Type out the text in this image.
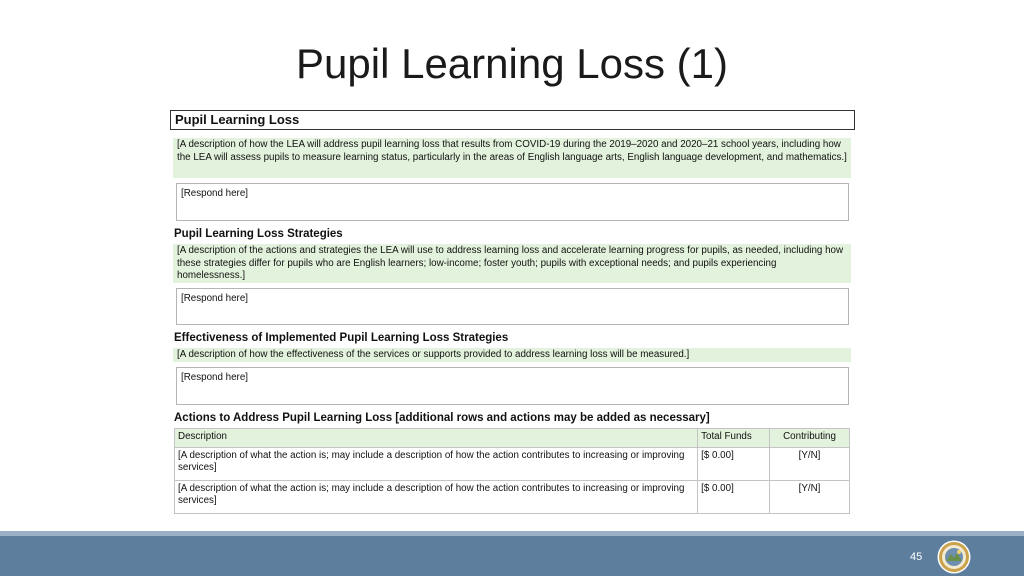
Pupil Learning Loss (1)
Pupil Learning Loss
[A description of how the LEA will address pupil learning loss that results from COVID-19 during the 2019–2020 and 2020–21 school years, including how the LEA will assess pupils to measure learning status, particularly in the areas of English language arts, English language development, and mathematics.]
[Respond here]
Pupil Learning Loss Strategies
[A description of the actions and strategies the LEA will use to address learning loss and accelerate learning progress for pupils, as needed, including how these strategies differ for pupils who are English learners; low-income; foster youth; pupils with exceptional needs; and pupils experiencing homelessness.]
[Respond here]
Effectiveness of Implemented Pupil Learning Loss Strategies
[A description of how the effectiveness of the services or supports provided to address learning loss will be measured.]
[Respond here]
Actions to Address Pupil Learning Loss [additional rows and actions may be added as necessary]
Description	Total Funds	Contributing
[A description of what the action is; may include a description of how the action contributes to increasing or improving services]	[$ 0.00]	[Y/N]
[A description of what the action is; may include a description of how the action contributes to increasing or improving services]	[$ 0.00]	[Y/N]
45
